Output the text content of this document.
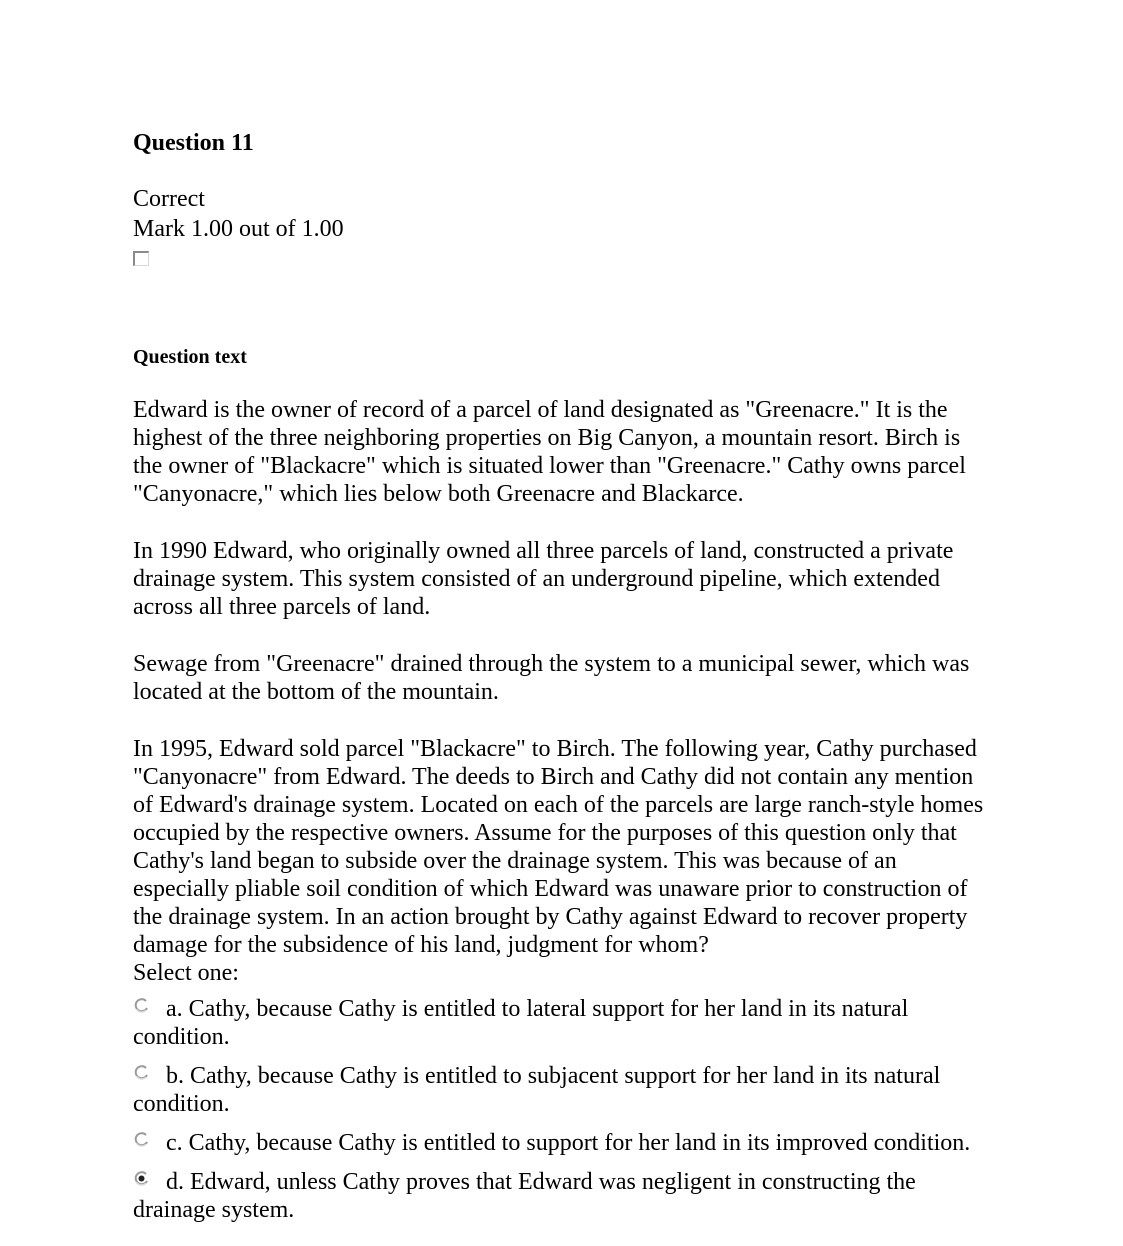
Question 11
Correct
Mark 1.00 out of 1.00
Question text

Edward is the owner of record of a parcel of land designated as "Greenacre." It is the highest of the three neighboring properties on Big Canyon, a mountain resort. Birch is the owner of "Blackacre" which is situated lower than "Greenacre." Cathy owns parcel "Canyonacre," which lies below both Greenacre and Blackarce.

In 1990 Edward, who originally owned all three parcels of land, constructed a private drainage system. This system consisted of an underground pipeline, which extended across all three parcels of land.

Sewage from "Greenacre" drained through the system to a municipal sewer, which was located at the bottom of the mountain.

In 1995, Edward sold parcel "Blackacre" to Birch. The following year, Cathy purchased "Canyonacre" from Edward. The deeds to Birch and Cathy did not contain any mention of Edward's drainage system. Located on each of the parcels are large ranch-style homes occupied by the respective owners. Assume for the purposes of this question only that Cathy's land began to subside over the drainage system. This was because of an especially pliable soil condition of which Edward was unaware prior to construction of the drainage system. In an action brought by Cathy against Edward to recover property damage for the subsidence of his land, judgment for whom?

Select one:
a. Cathy, because Cathy is entitled to lateral support for her land in its natural condition.
b. Cathy, because Cathy is entitled to subjacent support for her land in its natural condition.
c. Cathy, because Cathy is entitled to support for her land in its improved condition.
d. Edward, unless Cathy proves that Edward was negligent in constructing the drainage system.
